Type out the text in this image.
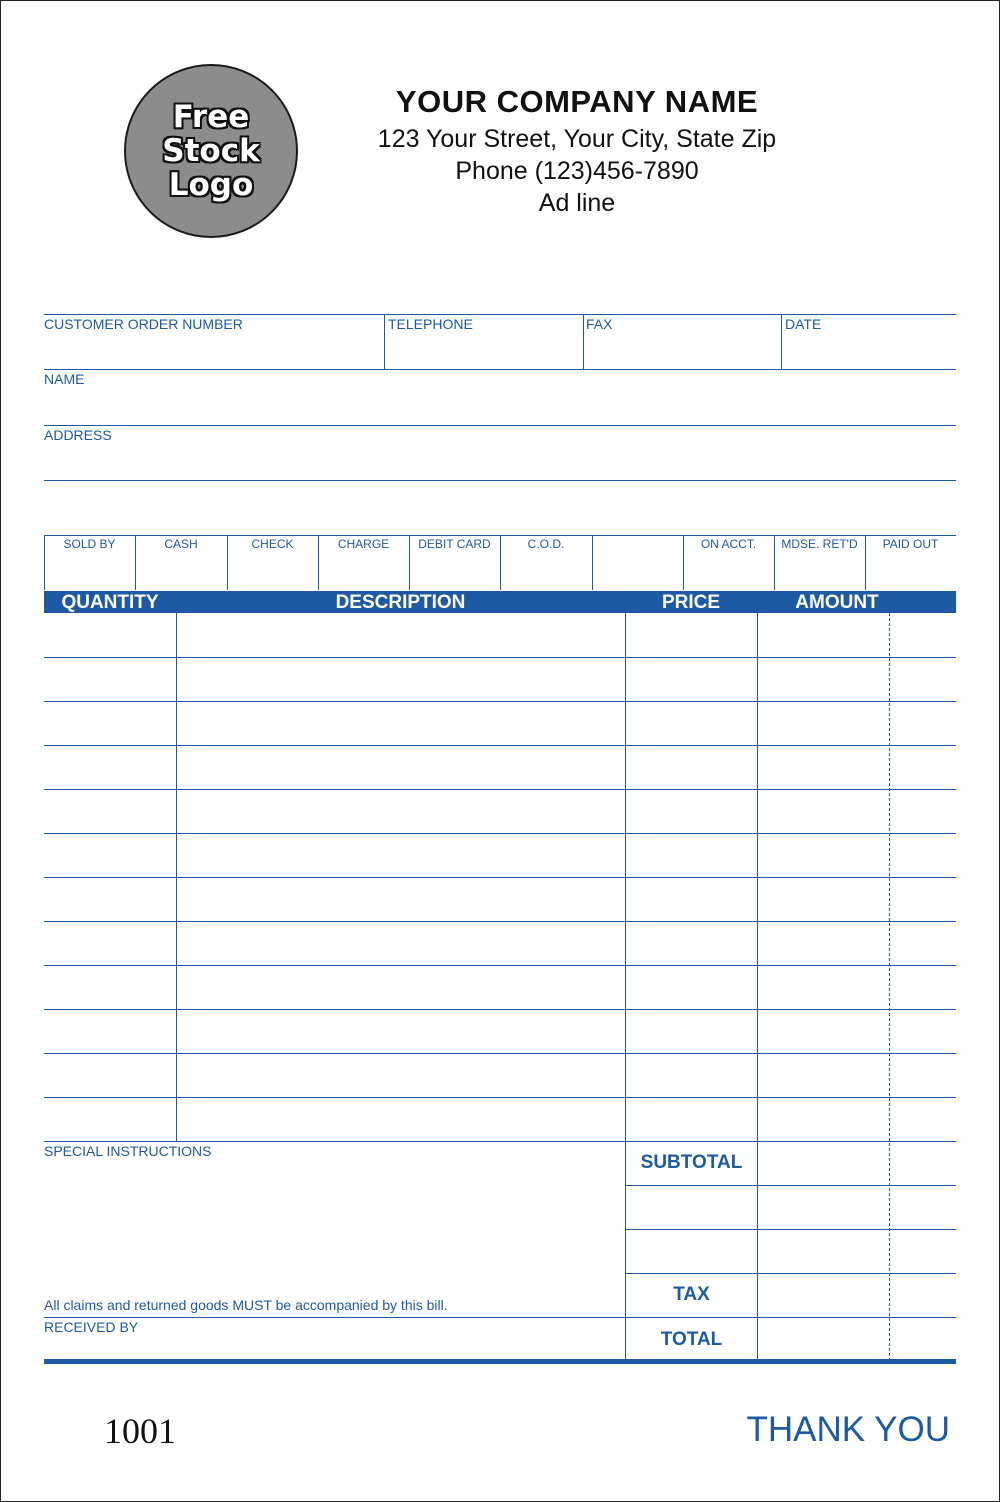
Free
Stock
Logo
YOUR COMPANY NAME
123 Your Street, Your City, State Zip
Phone (123)456-7890
Ad line
CUSTOMER ORDER NUMBER	TELEPHONE	FAX	DATE
NAME
ADDRESS
SOLD BY	CASH	CHECK	CHARGE	DEBIT CARD	C.O.D.	ON ACCT.	MDSE. RET'D	PAID OUT
QUANTITY	DESCRIPTION	PRICE	AMOUNT
SUBTOTAL
TAX
TOTAL
SPECIAL INSTRUCTIONS
All claims and returned goods MUST be accompanied by this bill.
RECEIVED BY
1001	THANK YOU
